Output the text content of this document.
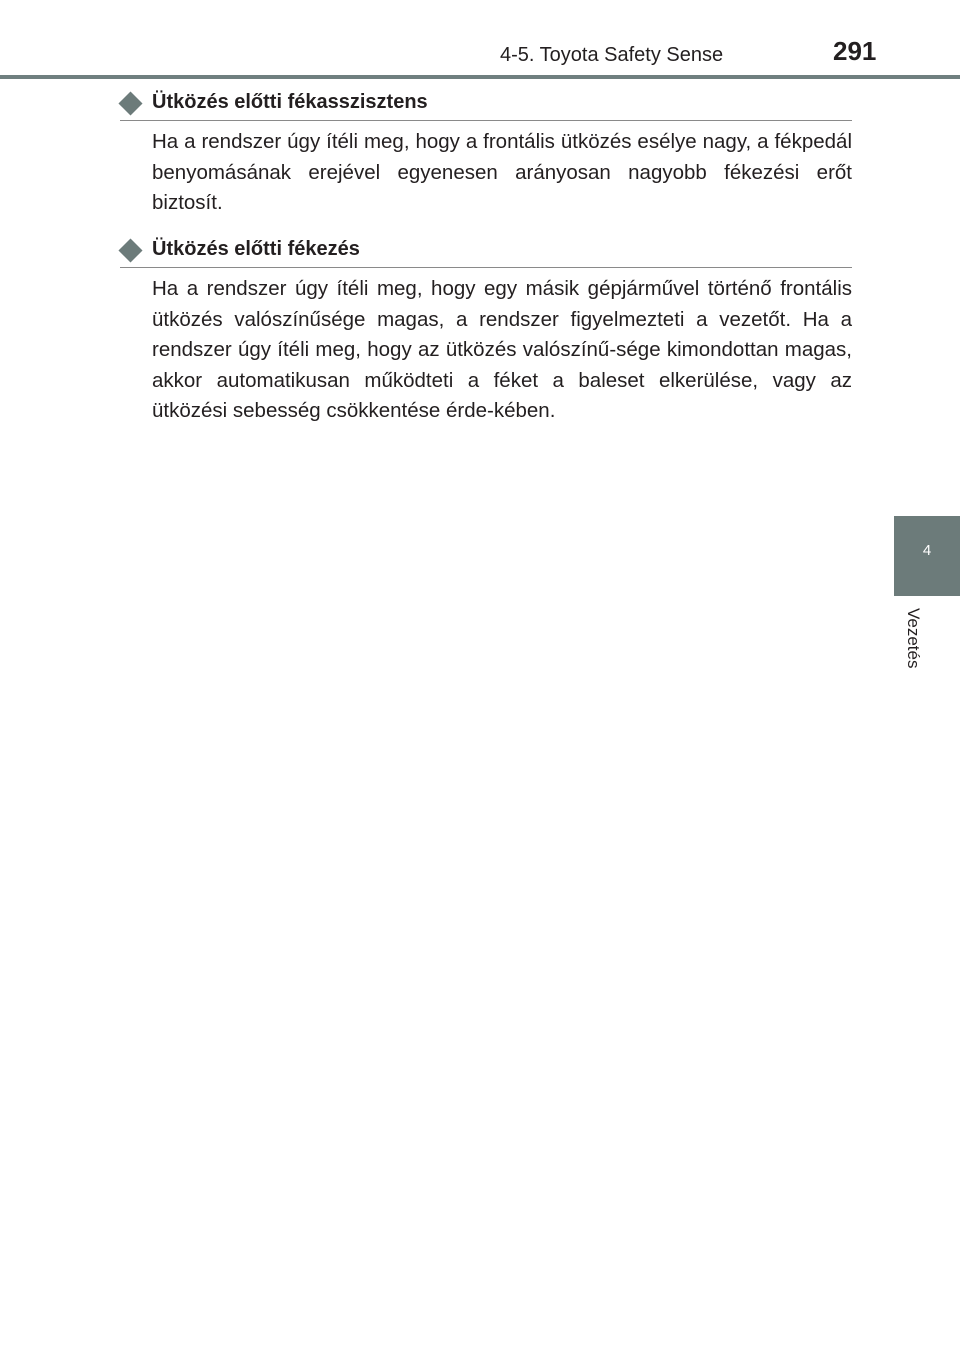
4-5. Toyota Safety Sense	291
4
Vezetés
Ütközés előtti fékasszisztens
Ha a rendszer úgy ítéli meg, hogy a frontális ütközés esélye nagy, a fékpedál benyomásának erejével egyenesen arányosan nagyobb fékezési erőt biztosít.
Ütközés előtti fékezés
Ha a rendszer úgy ítéli meg, hogy egy másik gépjárművel történő frontális ütközés valószínűsége magas, a rendszer figyelmezteti a vezetőt. Ha a rendszer úgy ítéli meg, hogy az ütközés valószínű-sége kimondottan magas, akkor automatikusan működteti a féket a baleset elkerülése, vagy az ütközési sebesség csökkentése érde-kében.
